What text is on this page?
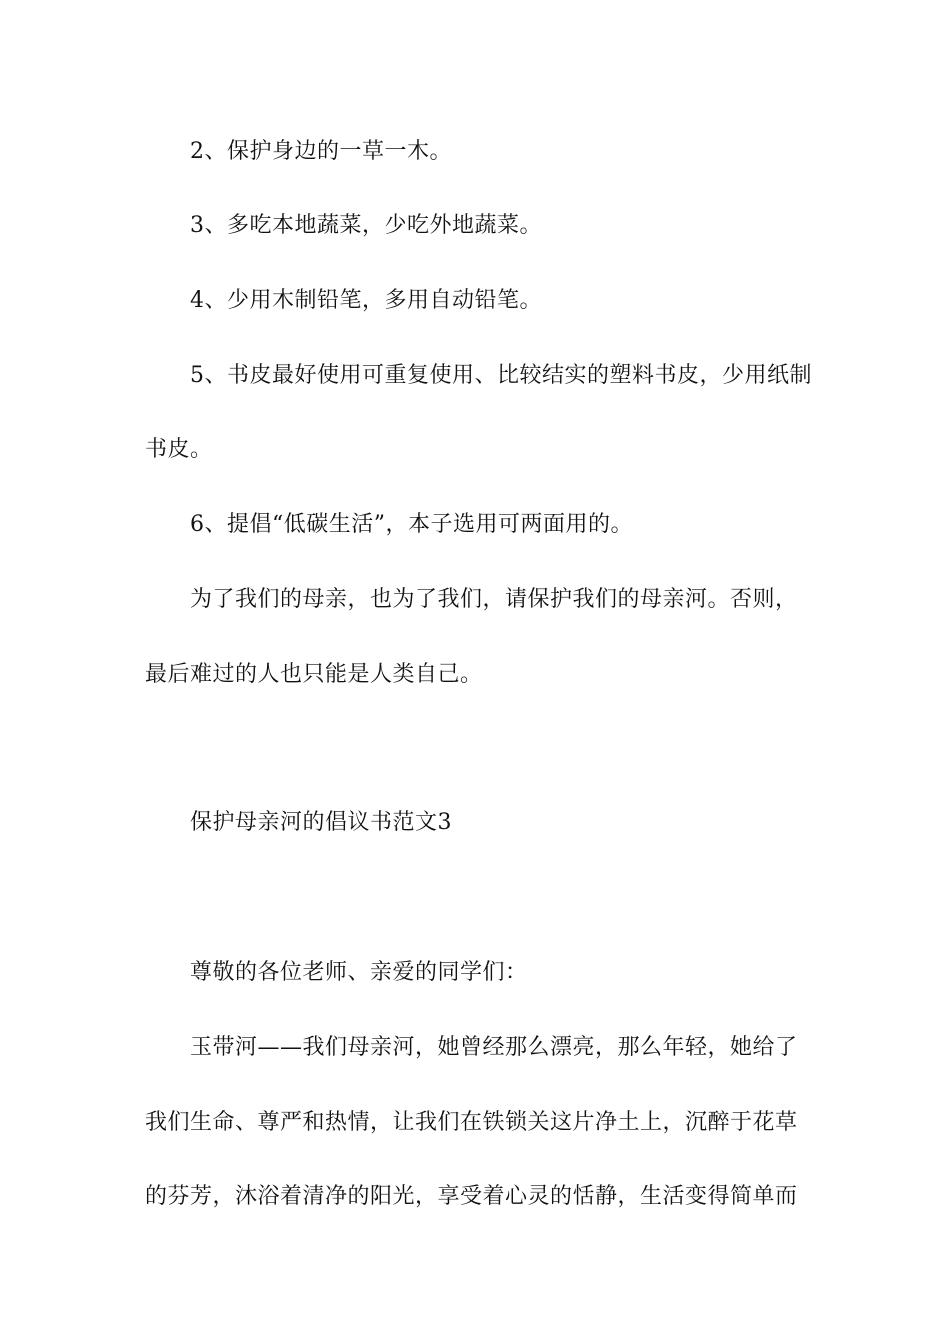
2、保护身边的一草一木。
3、多吃本地蔬菜，少吃外地蔬菜。
4、少用木制铅笔，多用自动铅笔。
5、书皮最好使用可重复使用、比较结实的塑料书皮，少用纸制
书皮。
6、提倡“低碳生活”，本子选用可两面用的。
为了我们的母亲，也为了我们，请保护我们的母亲河。否则，
最后难过的人也只能是人类自己。
保护母亲河的倡议书范文3
尊敬的各位老师、亲爱的同学们：
玉带河——我们母亲河，她曾经那么漂亮，那么年轻，她给了
我们生命、尊严和热情，让我们在铁锁关这片净土上，沉醉于花草
的芬芳，沐浴着清净的阳光，享受着心灵的恬静，生活变得简单而
